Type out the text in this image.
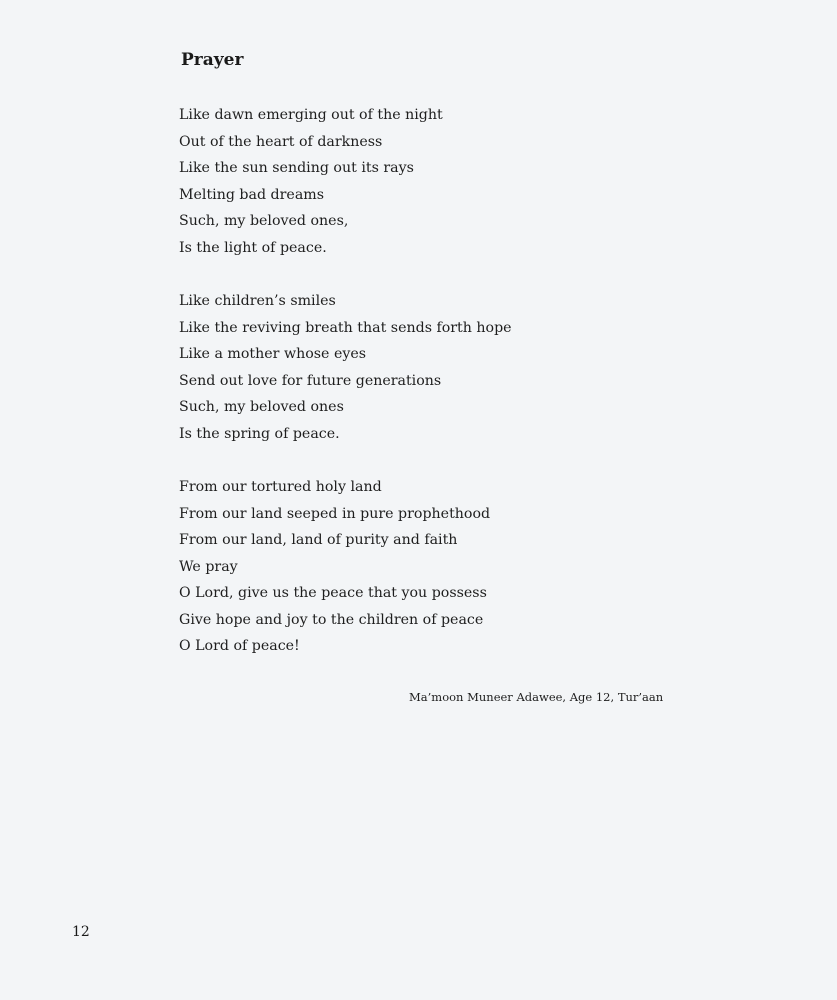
Prayer
Like dawn emerging out of the night
Out of the heart of darkness
Like the sun sending out its rays
Melting bad dreams
Such, my beloved ones,
Is the light of peace.
Like children’s smiles
Like the reviving breath that sends forth hope
Like a mother whose eyes
Send out love for future generations
Such, my beloved ones
Is the spring of peace.
From our tortured holy land
From our land seeped in pure prophethood
From our land, land of purity and faith
We pray
O Lord, give us the peace that you possess
Give hope and joy to the children of peace
O Lord of peace!
Ma’moon Muneer Adawee, Age 12, Tur’aan
12
